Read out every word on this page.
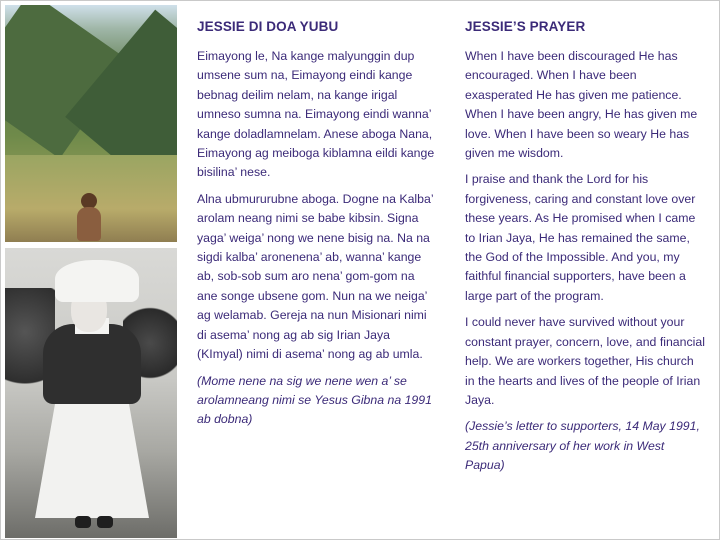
JESSIE DI DOA YUBU

Eimayong le, Na kange malyunggin dup umsene sum na, Eimayong eindi kange bebnag deilim nelam, na kange irigal umneso sumna na. Eimayong eindi wanna’ kange doladlamnelam. Anese aboga Nana, Eimayong ag meiboga kiblamna eildi kange bisilina’ nese.

Alna ubmururubne aboga. Dogne na Kalba’ arolam neang nimi se babe kibsin. Signa yaga’ weiga’ nong we nene bisig na. Na na sigdi kalba’ aronenena’ ab, wanna’ kange ab, sob-sob sum aro nena’ gom-gom na ane songe ubsene gom. Nun na we neiga’ ag welamab. Gereja na nun Misionari nimi di asema’ nong ag ab sig Irian Jaya (KImyal) nimi di asema’ nong ag ab umla.

(Mome nene na sig we nene wen a’ se arolamneang nimi se Yesus Gibna na 1991 ab dobna)

JESSIE’S PRAYER

When I have been discouraged He has encouraged. When I have been exasperated He has given me patience. When I have been angry, He has given me love. When I have been so weary He has given me wisdom.

I praise and thank the Lord for his forgiveness, caring and constant love over these years. As He promised when I came to Irian Jaya, He has remained the same, the God of the Impossible. And you, my faithful financial supporters, have been a large part of the program.

I could never have survived without your constant prayer, concern, love, and financial help. We are workers together, His church in the hearts and lives of the people of Irian Jaya.

(Jessie’s letter to supporters, 14 May 1991, 25th anniversary of her work in West Papua)
